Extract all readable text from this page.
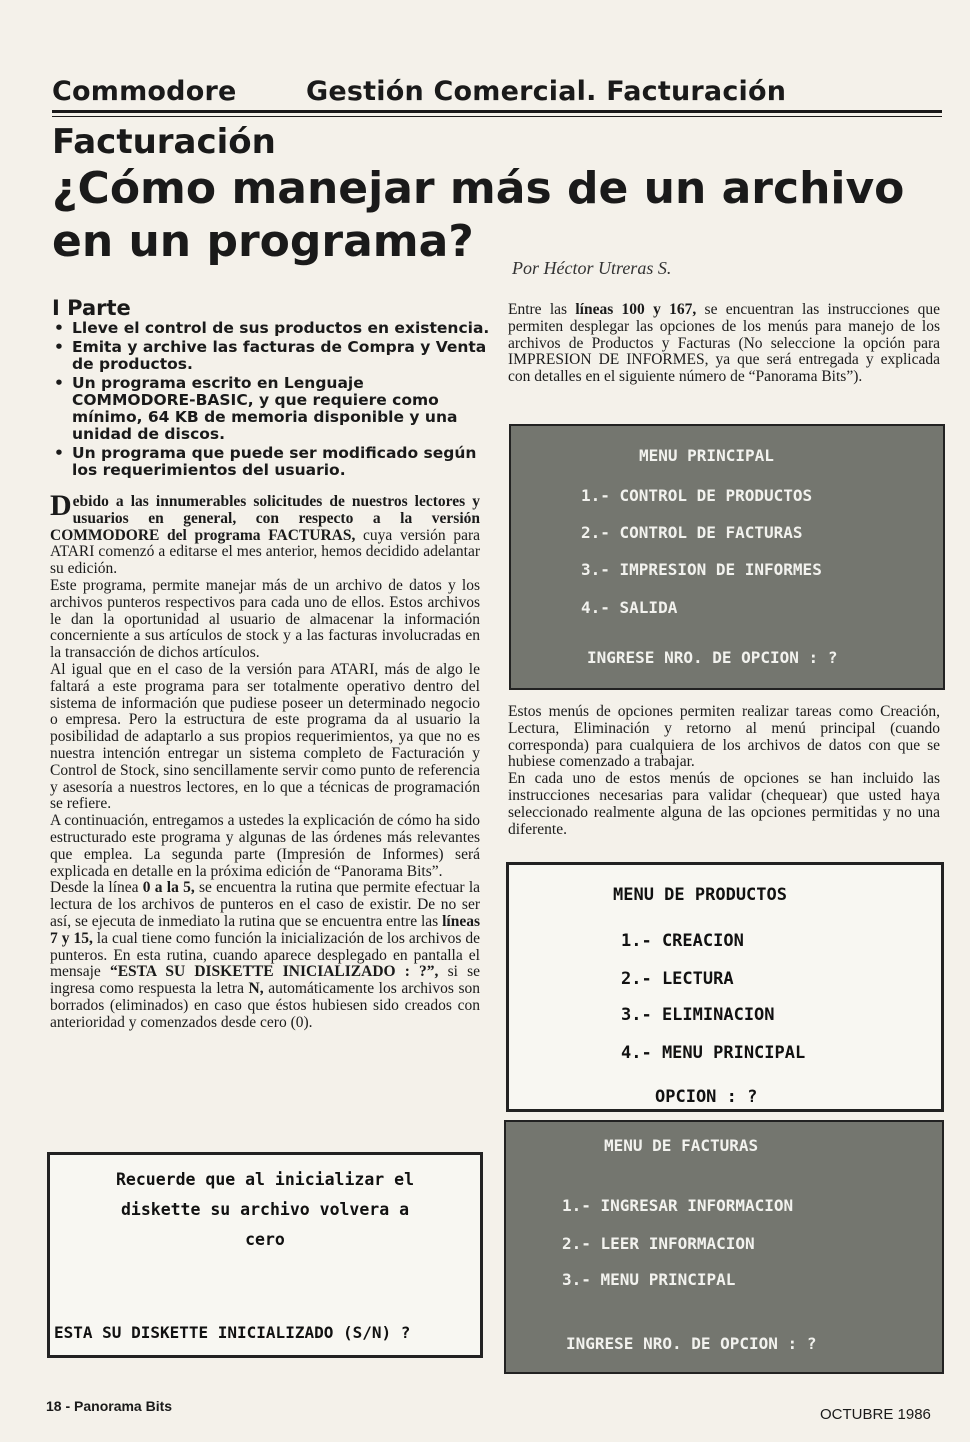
Commodore	Gestión Comercial. Facturación
Facturación
¿Cómo manejar más de un archivo en un programa?
Por Héctor Utreras S.
I Parte
• Lleve el control de sus productos en existencia.
• Emita y archive las facturas de Compra y Venta de productos.
• Un programa escrito en Lenguaje COMMODORE-BASIC, y que requiere como mínimo, 64 KB de memoria disponible y una unidad de discos.
• Un programa que puede ser modificado según los requerimientos del usuario.

Debido a las innumerables solicitudes de nuestros lectores y usuarios en general, con respecto a la versión COMMODORE del programa FACTURAS, cuya versión para ATARI comenzó a editarse el mes anterior, hemos decidido adelantar su edición.

Este programa, permite manejar más de un archivo de datos y los archivos punteros respectivos para cada uno de ellos. Estos archivos le dan la oportunidad al usuario de almacenar la información concerniente a sus artículos de stock y a las facturas involucradas en la transacción de dichos artículos.

Al igual que en el caso de la versión para ATARI, más de algo le faltará a este programa para ser totalmente operativo dentro del sistema de información que pudiese poseer un determinado negocio o empresa. Pero la estructura de este programa da al usuario la posibilidad de adaptarlo a sus propios requerimientos, ya que no es nuestra intención entregar un sistema completo de Facturación y Control de Stock, sino sencillamente servir como punto de referencia y asesoría a nuestros lectores, en lo que a técnicas de programación se refiere.

A continuación, entregamos a ustedes la explicación de cómo ha sido estructurado este programa y algunas de las órdenes más relevantes que emplea. La segunda parte (Impresión de Informes) será explicada en detalle en la próxima edición de “Panorama Bits”.

Desde la línea 0 a la 5, se encuentra la rutina que permite efectuar la lectura de los archivos de punteros en el caso de existir. De no ser así, se ejecuta de inmediato la rutina que se encuentra entre las líneas 7 y 15, la cual tiene como función la inicialización de los archivos de punteros. En esta rutina, cuando aparece desplegado en pantalla el mensaje “ESTA SU DISKETTE INICIALIZADO : ?”, si se ingresa como respuesta la letra N, automáticamente los archivos son borrados (eliminados) en caso que éstos hubiesen sido creados con anterioridad y comenzados desde cero (0).

Recuerde que al inicializar el
diskette su archivo volvera a
cero
ESTA SU DISKETTE INICIALIZADO (S/N) ?

Entre las líneas 100 y 167, se encuentran las instrucciones que permiten desplegar las opciones de los menús para manejo de los archivos de Productos y Facturas (No seleccione la opción para IMPRESION DE INFORMES, ya que será entregada y explicada con detalles en el siguiente número de “Panorama Bits”).

MENU PRINCIPAL
1.- CONTROL DE PRODUCTOS
2.- CONTROL DE FACTURAS
3.- IMPRESION DE INFORMES
4.- SALIDA
INGRESE NRO. DE OPCION : ?

Estos menús de opciones permiten realizar tareas como Creación, Lectura, Eliminación y retorno al menú principal (cuando corresponda) para cualquiera de los archivos de datos con que se hubiese comenzado a trabajar.

En cada uno de estos menús de opciones se han incluido las instrucciones necesarias para validar (chequear) que usted haya seleccionado realmente alguna de las opciones permitidas y no una diferente.

MENU DE PRODUCTOS
1.- CREACION
2.- LECTURA
3.- ELIMINACION
4.- MENU PRINCIPAL
OPCION : ?
MENU DE FACTURAS
1.- INGRESAR INFORMACION
2.- LEER INFORMACION
3.- MENU PRINCIPAL
INGRESE NRO. DE OPCION : ?
18 - Panorama Bits	OCTUBRE 1986
